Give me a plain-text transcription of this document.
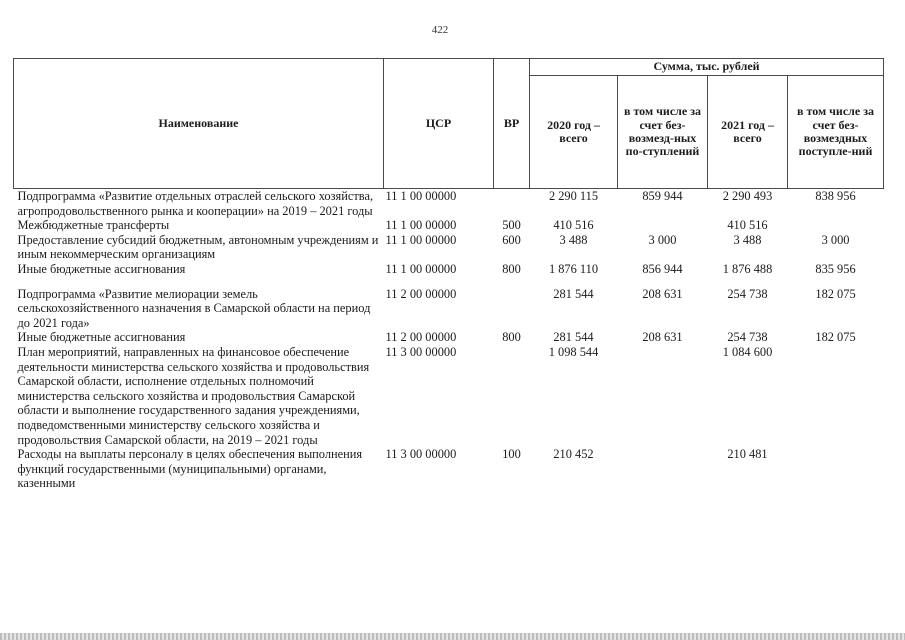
422
Наименование	ЦСР	ВР	Сумма, тыс. рублей			
			2020 год – всего	в том числе за счет без-возмезд-ных по-ступлений	2021 год – всего	в том числе за счет без-возмездных поступле-ний
Подпрограмма «Развитие отдельных отраслей сельского хозяйства, агропродовольственного рынка и кооперации» на 2019 – 2021 годы	11 1 00 00000		2 290 115	859 944	2 290 493	838 956
Межбюджетные трансферты	11 1 00 00000	500	410 516		410 516	
Предоставление субсидий бюджетным, автономным учреждениям и иным некоммерческим организациям	11 1 00 00000	600	3 488	3 000	3 488	3 000
Иные бюджетные ассигнования	11 1 00 00000	800	1 876 110	856 944	1 876 488	835 956
Подпрограмма «Развитие мелиорации земель сельскохозяйственного назначения в Самарской области на период до 2021 года»	11 2 00 00000		281 544	208 631	254 738	182 075
Иные бюджетные ассигнования	11 2 00 00000	800	281 544	208 631	254 738	182 075
План мероприятий, направленных на финансовое обеспечение деятельности министерства сельского хозяйства и продовольствия Самарской области, исполнение отдельных полномочий министерства сельского хозяйства и продовольствия Самарской области и выполнение государственного задания учреждениями, подведомственными министерству сельского хозяйства и продовольствия Самарской области, на 2019 – 2021 годы	11 3 00 00000		1 098 544		1 084 600	
Расходы на выплаты персоналу в целях обеспечения выполнения функций государственными (муниципальными) органами, казенными	11 3 00 00000	100	210 452		210 481	
